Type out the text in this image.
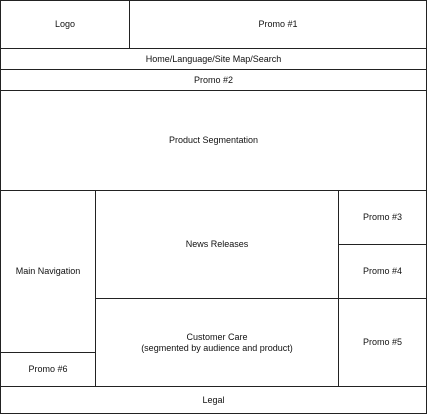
Logo	Promo #1
Home/Language/Site Map/Search
Promo #2
Product Segmentation
Main Navigation
Promo #6
News Releases
Customer Care
(segmented by audience and product)
Promo #3
Promo #4
Promo #5
Legal
